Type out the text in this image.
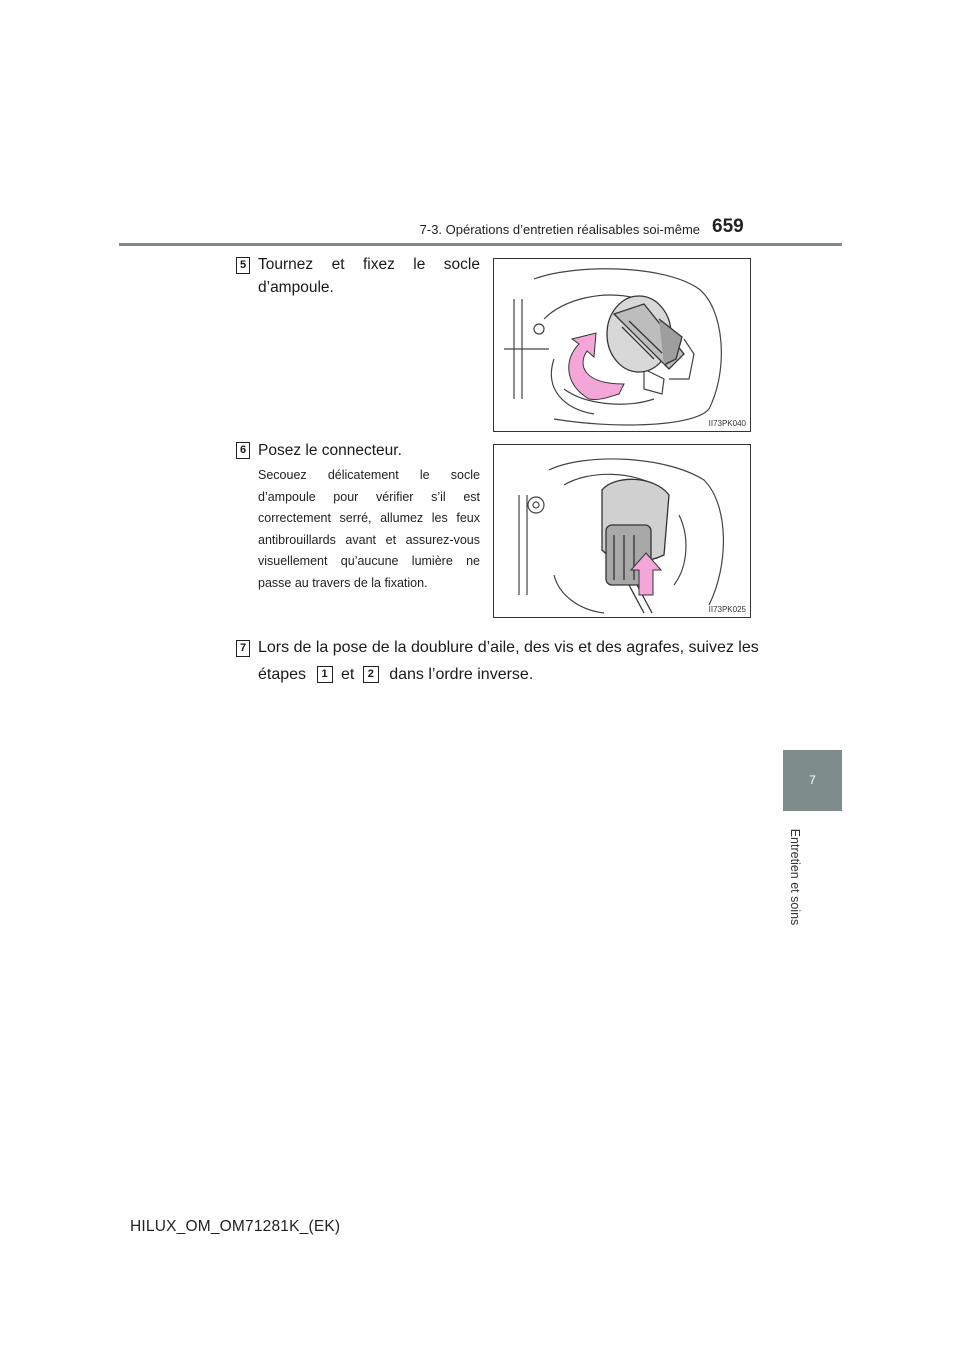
7-3. Opérations d’entretien réalisables soi-même 659
5 Tournez et fixez le socle d’ampoule.
II73PK040
6 Posez le connecteur.
Secouez délicatement le socle d’ampoule pour vérifier s’il est correctement serré, allumez les feux antibrouillards avant et assurez-vous visuellement qu’aucune lumière ne passe au travers de la fixation.
II73PK025
7 Lors de la pose de la doublure d’aile, des vis et des agrafes, suivez les
étapes 1 et 2 dans l’ordre inverse.
7
Entretien et soins
HILUX_OM_OM71281K_(EK)
